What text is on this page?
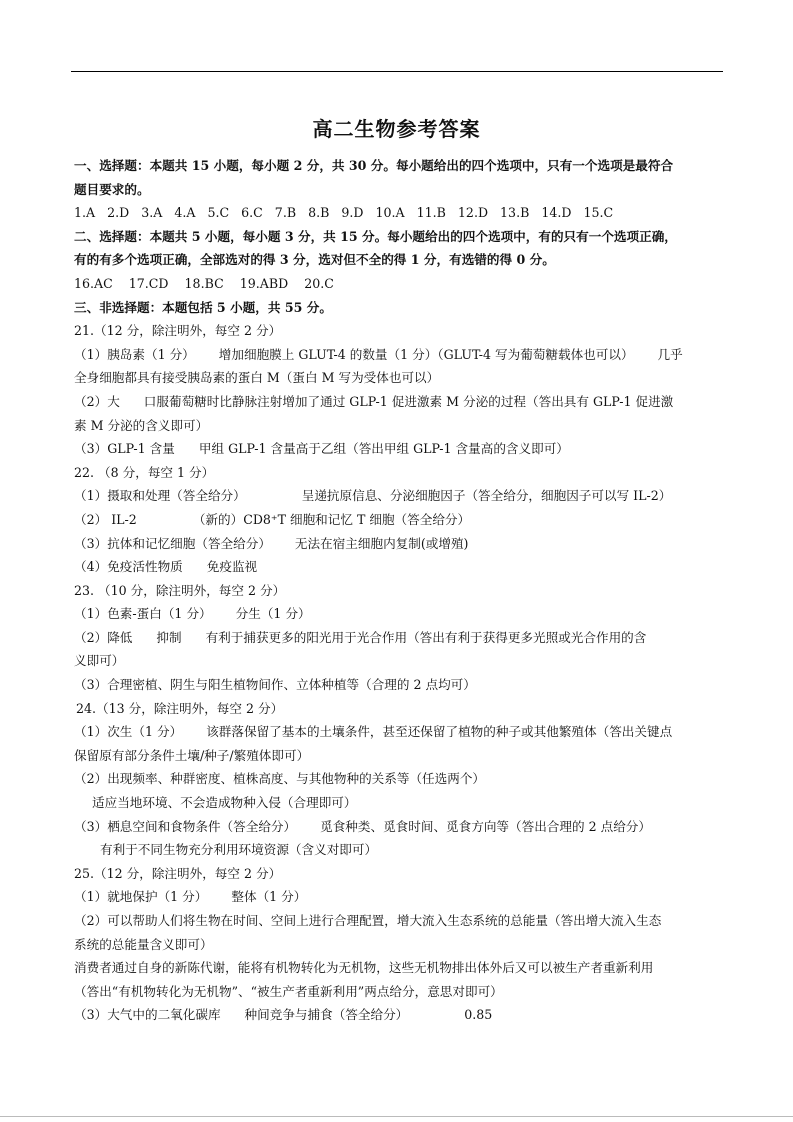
高二生物参考答案
一、选择题：本题共 15 小题，每小题 2 分，共 30 分。每小题给出的四个选项中，只有一个选项是最符合
题目要求的。
1.A   2.D   3.A   4.A   5.C   6.C   7.B   8.B   9.D   10.A   11.B   12.D   13.B   14.D   15.C
二、选择题：本题共 5 小题，每小题 3 分，共 15 分。每小题给出的四个选项中，有的只有一个选项正确，
有的有多个选项正确，全部选对的得 3 分，选对但不全的得 1 分，有选错的得 0 分。
16.AC    17.CD    18.BC    19.ABD    20.C
三、非选择题：本题包括 5 小题，共 55 分。
21.（12 分，除注明外，每空 2 分）
（1）胰岛素（1 分） 增加细胞膜上 GLUT-4 的数量（1 分）（GLUT-4 写为葡萄糖载体也可以） 几乎
全身细胞都具有接受胰岛素的蛋白 M（蛋白 M 写为受体也可以）
（2）大 口服葡萄糖时比静脉注射增加了通过 GLP-1 促进激素 M 分泌的过程（答出具有 GLP-1 促进激
素 M 分泌的含义即可）
（3）GLP-1 含量 甲组 GLP-1 含量高于乙组（答出甲组 GLP-1 含量高的含义即可）
22. （8 分，每空 1 分）
（1）摄取和处理（答全给分）	呈递抗原信息、分泌细胞因子（答全给分，细胞因子可以写 IL-2）
（2） IL-2	（新的）CD8⁺T 细胞和记忆 T 细胞（答全给分）
（3）抗体和记忆细胞（答全给分） 无法在宿主细胞内复制(或增殖)
（4）免疫活性物质 免疫监视
23. （10 分，除注明外，每空 2 分）
（1）色素-蛋白（1 分） 分生（1 分）
（2）降低 抑制 有利于捕获更多的阳光用于光合作用（答出有利于获得更多光照或光合作用的含
义即可）
（3）合理密植、阴生与阳生植物间作、立体种植等（合理的 2 点均可）
24.（13 分，除注明外，每空 2 分）
（1）次生（1 分） 该群落保留了基本的土壤条件，甚至还保留了植物的种子或其他繁殖体（答出关键点
保留原有部分条件土壤/种子/繁殖体即可）
（2）出现频率、种群密度、植株高度、与其他物种的关系等（任选两个）
适应当地环境、不会造成物种入侵（合理即可）
（3）栖息空间和食物条件（答全给分） 觅食种类、觅食时间、觅食方向等（答出合理的 2 点给分）
有利于不同生物充分利用环境资源（含义对即可）
25.（12 分，除注明外，每空 2 分）
（1）就地保护（1 分） 整体（1 分）
（2）可以帮助人们将生物在时间、空间上进行合理配置，增大流入生态系统的总能量（答出增大流入生态
系统的总能量含义即可）
消费者通过自身的新陈代谢，能将有机物转化为无机物，这些无机物排出体外后又可以被生产者重新利用
（答出“有机物转化为无机物”、“被生产者重新利用”两点给分，意思对即可）
（3）大气中的二氧化碳库 种间竞争与捕食（答全给分）	0.85
